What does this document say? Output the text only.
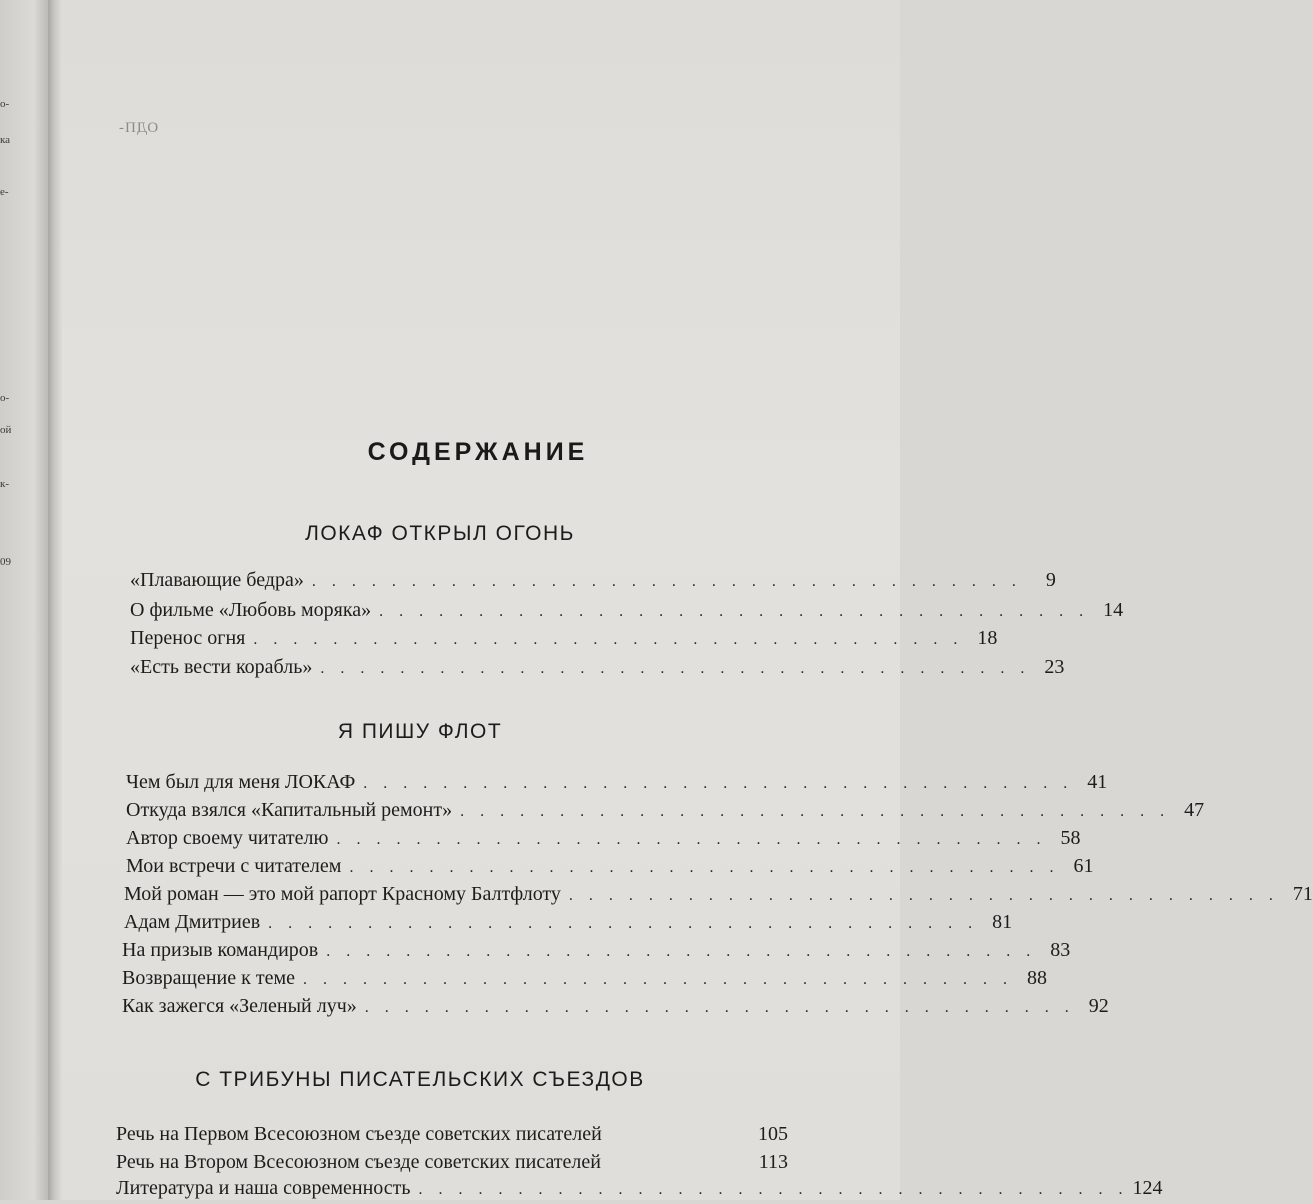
о-
ка
е-
о-
ой
к-
09
ОДП-
СОДЕРЖАНИЕ
ЛОКАФ ОТКРЫЛ ОГОНЬ
«Плавающие бедра» . . . . . . . . . . . . . . . . . . . . . . . . . . . . . . . . . . . .	9
О фильме «Любовь моряка» . . . . . . . . . . . . . . . . . . . . . . . . . . . . . . . . . . . . 14
Перенос огня . . . . . . . . . . . . . . . . . . . . . . . . . . . . . . . . . . . . 18
«Есть вести корабль» . . . . . . . . . . . . . . . . . . . . . . . . . . . . . . . . . . . . 23
Я ПИШУ ФЛОТ
Чем был для меня ЛОКАФ . . . . . . . . . . . . . . . . . . . . . . . . . . . . . . . . . . . . 41
Откуда взялся «Капитальный ремонт» . . . . . . . . . . . . . . . . . . . . . . . . . . . . . . . . . . . . 47
Автор своему читателю . . . . . . . . . . . . . . . . . . . . . . . . . . . . . . . . . . . . 58
Мои встречи с читателем . . . . . . . . . . . . . . . . . . . . . . . . . . . . . . . . . . . . 61
Мой роман — это мой рапорт Красному Балтфлоту . . . . . . . . . . . . . . . . . . . . . . . . . . . . . . . . . . . . 71
Адам Дмитриев . . . . . . . . . . . . . . . . . . . . . . . . . . . . . . . . . . . . 81
На призыв командиров . . . . . . . . . . . . . . . . . . . . . . . . . . . . . . . . . . . . 83
Возвращение к теме . . . . . . . . . . . . . . . . . . . . . . . . . . . . . . . . . . . . 88
Как зажегся «Зеленый луч» . . . . . . . . . . . . . . . . . . . . . . . . . . . . . . . . . . . . 92
С ТРИБУНЫ ПИСАТЕЛЬСКИХ СЪЕЗДОВ
Речь на Первом Всесоюзном съезде советских писателей	105
Речь на Втором Всесоюзном съезде советских писателей	113
Литература и наша современность . . . . . . . . . . . . . . . . . . . . . . . . . . . . . . . . . . . . 124
